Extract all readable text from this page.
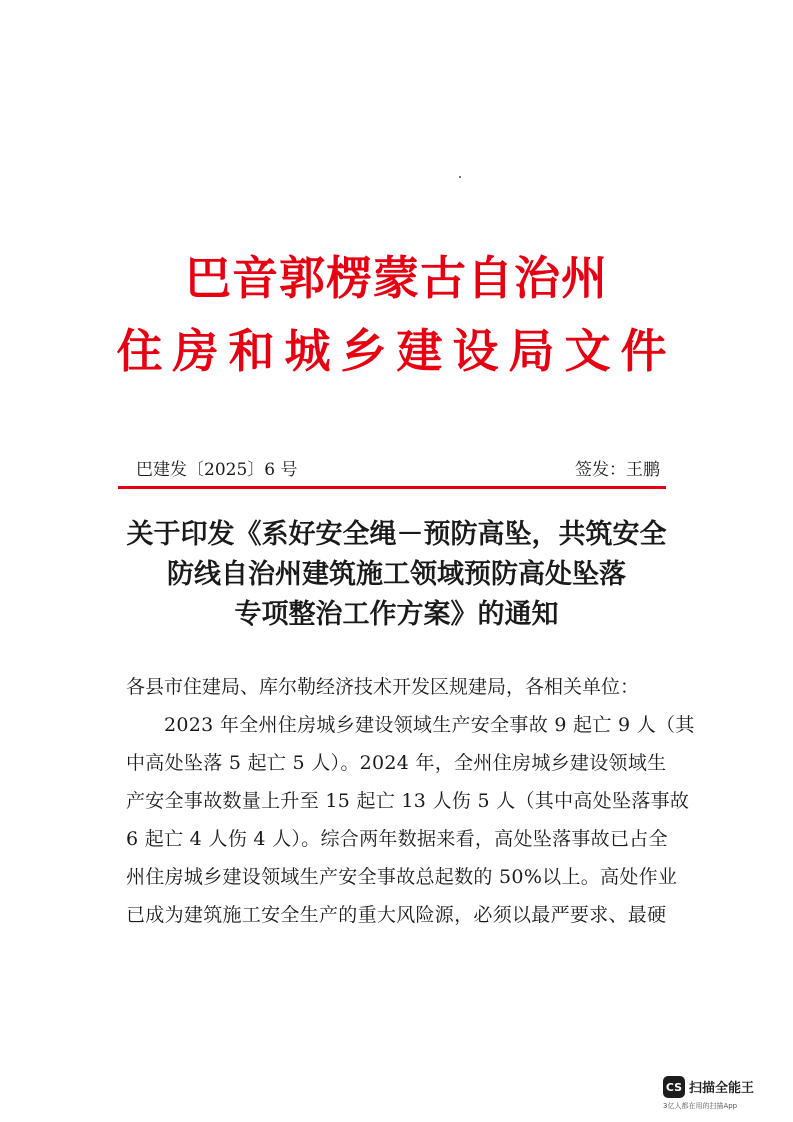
巴音郭楞蒙古自治州
住房和城乡建设局文件
巴建发〔2025〕6 号	签发：王鹏
关于印发《系好安全绳－预防高坠，共筑安全
防线自治州建筑施工领域预防高处坠落
专项整治工作方案》的通知
各县市住建局、库尔勒经济技术开发区规建局，各相关单位：
2023 年全州住房城乡建设领域生产安全事故 9 起亡 9 人（其
中高处坠落 5 起亡 5 人）。2024 年，全州住房城乡建设领域生
产安全事故数量上升至 15 起亡 13 人伤 5 人（其中高处坠落事故
6 起亡 4 人伤 4 人）。综合两年数据来看，高处坠落事故已占全
州住房城乡建设领域生产安全事故总起数的 50%以上。高处作业
已成为建筑施工安全生产的重大风险源，必须以最严要求、最硬
CS 扫描全能王
3亿人都在用的扫描App
